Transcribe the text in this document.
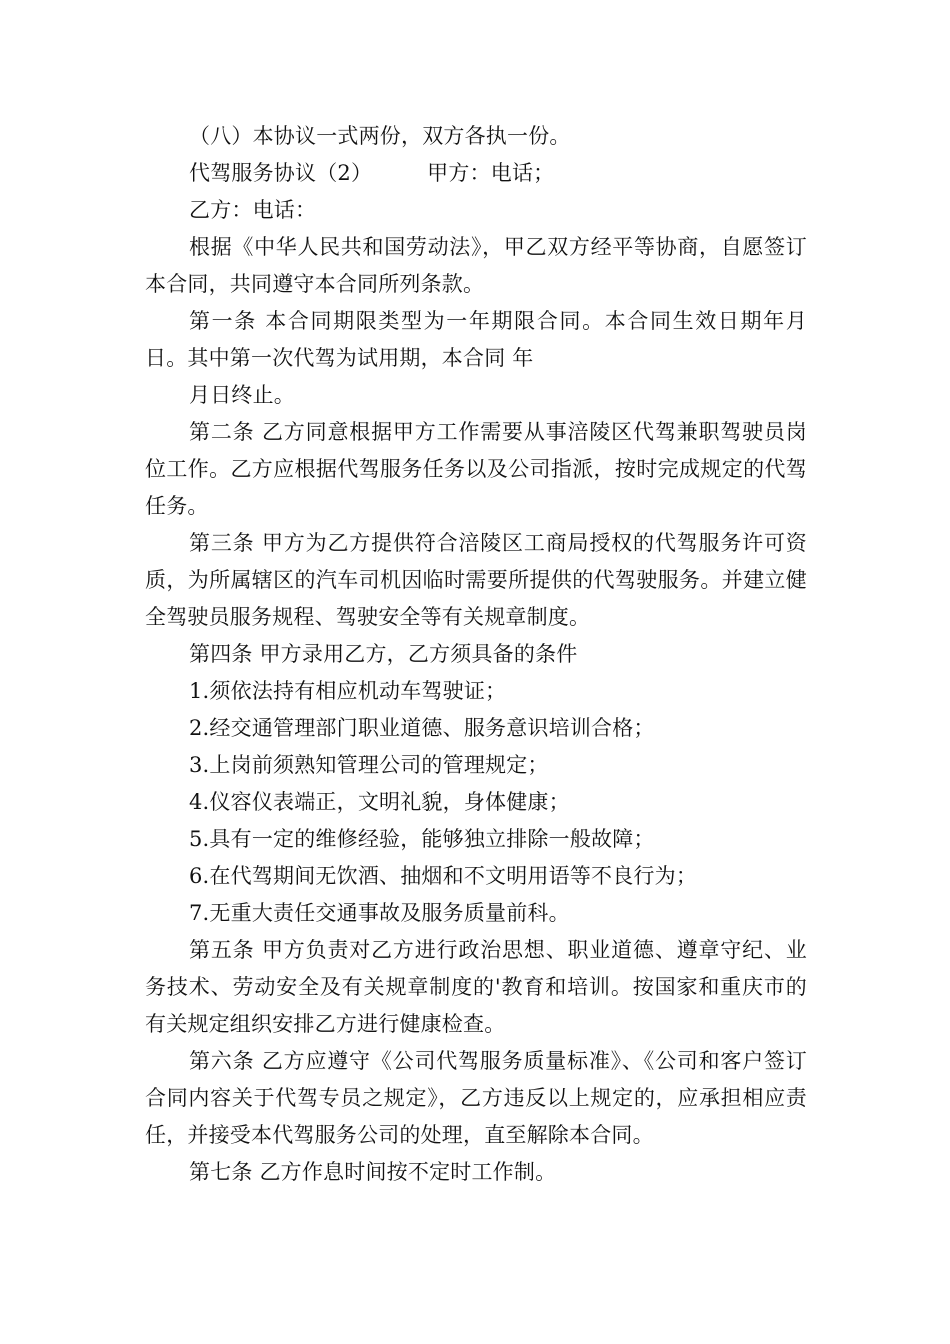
（八）本协议一式两份，双方各执一份。

代驾服务协议（2）        甲方：电话；

乙方：电话：

根据《中华人民共和国劳动法》，甲乙双方经平等协商，自愿签订本合同，共同遵守本合同所列条款。

第一条 本合同期限类型为一年期限合同。本合同生效日期年月日。其中第一次代驾为试用期，本合同 年

月日终止。

第二条 乙方同意根据甲方工作需要从事涪陵区代驾兼职驾驶员岗位工作。乙方应根据代驾服务任务以及公司指派，按时完成规定的代驾任务。

第三条 甲方为乙方提供符合涪陵区工商局授权的代驾服务许可资质，为所属辖区的汽车司机因临时需要所提供的代驾驶服务。并建立健全驾驶员服务规程、驾驶安全等有关规章制度。

第四条 甲方录用乙方，乙方须具备的条件

1.须依法持有相应机动车驾驶证；

2.经交通管理部门职业道德、服务意识培训合格；

3.上岗前须熟知管理公司的管理规定；

4.仪容仪表端正，文明礼貌，身体健康；

5.具有一定的维修经验，能够独立排除一般故障；

6.在代驾期间无饮酒、抽烟和不文明用语等不良行为；

7.无重大责任交通事故及服务质量前科。

第五条 甲方负责对乙方进行政治思想、职业道德、遵章守纪、业务技术、劳动安全及有关规章制度的'教育和培训。按国家和重庆市的有关规定组织安排乙方进行健康检查。

第六条 乙方应遵守《公司代驾服务质量标准》、《公司和客户签订合同内容关于代驾专员之规定》，乙方违反以上规定的，应承担相应责任，并接受本代驾服务公司的处理，直至解除本合同。

第七条 乙方作息时间按不定时工作制。
